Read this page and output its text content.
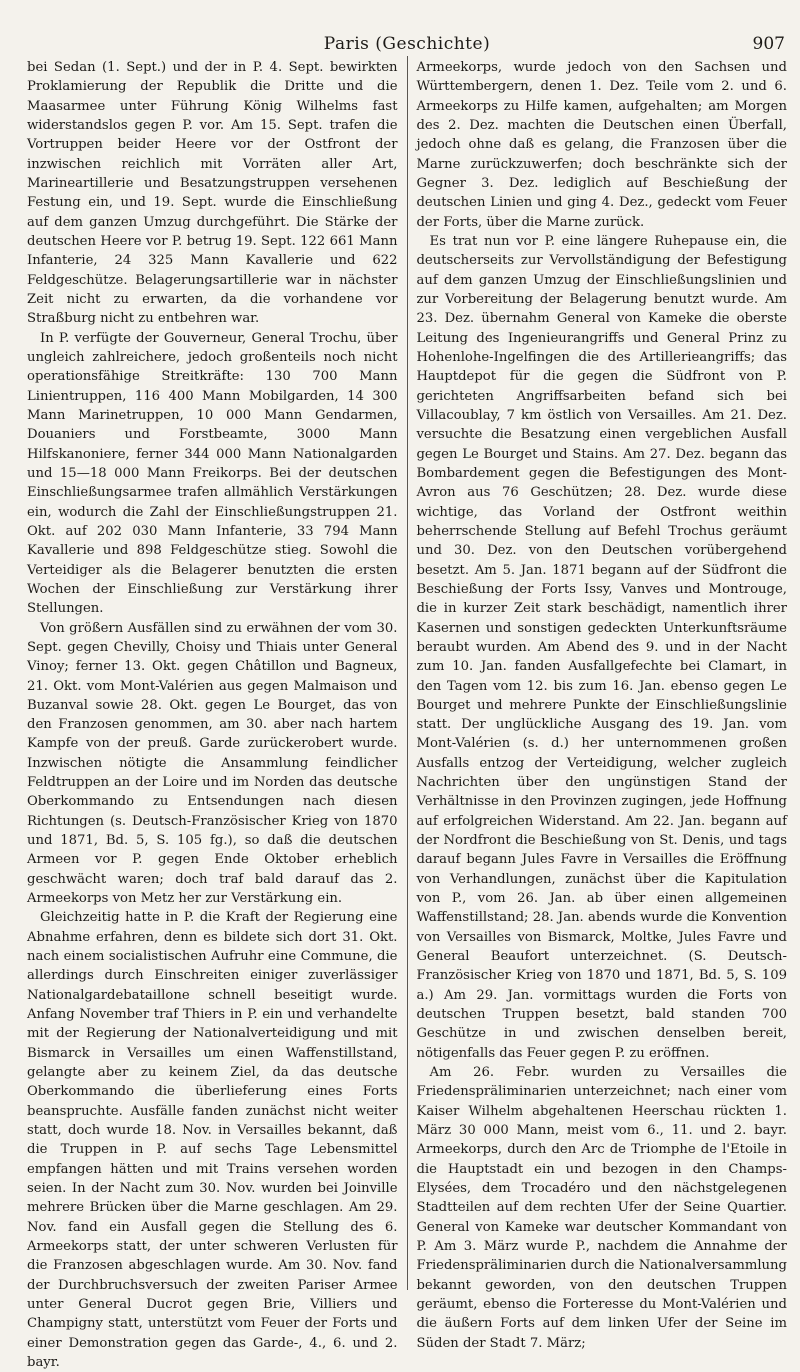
Paris (Geschichte)	907

bei Sedan (1. Sept.) und der in P. 4. Sept. bewirkten Proklamierung der Republik die Dritte und die Maasarmee unter Führung König Wilhelms fast widerstandslos gegen P. vor. Am 15. Sept. trafen die Vortruppen beider Heere vor der Ostfront der inzwischen reichlich mit Vorräten aller Art, Marineartillerie und Besatzungstruppen versehenen Festung ein, und 19. Sept. wurde die Einschließung auf dem ganzen Umzug durchgeführt. Die Stärke der deutschen Heere vor P. betrug 19. Sept. 122 661 Mann Infanterie, 24 325 Mann Kavallerie und 622 Feldgeschütze. Belagerungsartillerie war in nächster Zeit nicht zu erwarten, da die vorhandene vor Straßburg nicht zu entbehren war.

In P. verfügte der Gouverneur, General Trochu, über ungleich zahlreichere, jedoch großenteils noch nicht operationsfähige Streitkräfte: 130 700 Mann Linientruppen, 116 400 Mann Mobilgarden, 14 300 Mann Marinetruppen, 10 000 Mann Gendarmen, Douaniers und Forstbeamte, 3000 Mann Hilfskanoniere, ferner 344 000 Mann Nationalgarden und 15—18 000 Mann Freikorps. Bei der deutschen Einschließungsarmee trafen allmählich Verstärkungen ein, wodurch die Zahl der Einschließungstruppen 21. Okt. auf 202 030 Mann Infanterie, 33 794 Mann Kavallerie und 898 Feldgeschütze stieg. Sowohl die Verteidiger als die Belagerer benutzten die ersten Wochen der Einschließung zur Verstärkung ihrer Stellungen.

Von größern Ausfällen sind zu erwähnen der vom 30. Sept. gegen Chevilly, Choisy und Thiais unter General Vinoy; ferner 13. Okt. gegen Châtillon und Bagneux, 21. Okt. vom Mont-Valérien aus gegen Malmaison und Buzanval sowie 28. Okt. gegen Le Bourget, das von den Franzosen genommen, am 30. aber nach hartem Kampfe von der preuß. Garde zurückerobert wurde. Inzwischen nötigte die Ansammlung feindlicher Feldtruppen an der Loire und im Norden das deutsche Oberkommando zu Entsendungen nach diesen Richtungen (s. Deutsch-Französischer Krieg von 1870 und 1871, Bd. 5, S. 105 fg.), so daß die deutschen Armeen vor P. gegen Ende Oktober erheblich geschwächt waren; doch traf bald darauf das 2. Armeekorps von Metz her zur Verstärkung ein.

Gleichzeitig hatte in P. die Kraft der Regierung eine Abnahme erfahren, denn es bildete sich dort 31. Okt. nach einem socialistischen Aufruhr eine Commune, die allerdings durch Einschreiten einiger zuverlässiger Nationalgardebataillone schnell beseitigt wurde. Anfang November traf Thiers in P. ein und verhandelte mit der Regierung der Nationalverteidigung und mit Bismarck in Versailles um einen Waffenstillstand, gelangte aber zu keinem Ziel, da das deutsche Oberkommando die überlieferung eines Forts beanspruchte. Ausfälle fanden zunächst nicht weiter statt, doch wurde 18. Nov. in Versailles bekannt, daß die Truppen in P. auf sechs Tage Lebensmittel empfangen hätten und mit Trains versehen worden seien. In der Nacht zum 30. Nov. wurden bei Joinville mehrere Brücken über die Marne geschlagen. Am 29. Nov. fand ein Ausfall gegen die Stellung des 6. Armeekorps statt, der unter schweren Verlusten für die Franzosen abgeschlagen wurde. Am 30. Nov. fand der Durchbruchsversuch der zweiten Pariser Armee unter General Ducrot gegen Brie, Villiers und Champigny statt, unterstützt vom Feuer der Forts und einer Demonstration gegen das Garde-, 4., 6. und 2. bayr.

Armeekorps, wurde jedoch von den Sachsen und Württembergern, denen 1. Dez. Teile vom 2. und 6. Armeekorps zu Hilfe kamen, aufgehalten; am Morgen des 2. Dez. machten die Deutschen einen Überfall, jedoch ohne daß es gelang, die Franzosen über die Marne zurückzuwerfen; doch beschränkte sich der Gegner 3. Dez. lediglich auf Beschießung der deutschen Linien und ging 4. Dez., gedeckt vom Feuer der Forts, über die Marne zurück.

Es trat nun vor P. eine längere Ruhepause ein, die deutscherseits zur Vervollständigung der Befestigung auf dem ganzen Umzug der Einschließungslinien und zur Vorbereitung der Belagerung benutzt wurde. Am 23. Dez. übernahm General von Kameke die oberste Leitung des Ingenieurangriffs und General Prinz zu Hohenlohe-Ingelfingen die des Artillerieangriffs; das Hauptdepot für die gegen die Südfront von P. gerichteten Angriffsarbeiten befand sich bei Villacoublay, 7 km östlich von Versailles. Am 21. Dez. versuchte die Besatzung einen vergeblichen Ausfall gegen Le Bourget und Stains. Am 27. Dez. begann das Bombardement gegen die Befestigungen des Mont-Avron aus 76 Geschützen; 28. Dez. wurde diese wichtige, das Vorland der Ostfront weithin beherrschende Stellung auf Befehl Trochus geräumt und 30. Dez. von den Deutschen vorübergehend besetzt. Am 5. Jan. 1871 begann auf der Südfront die Beschießung der Forts Issy, Vanves und Montrouge, die in kurzer Zeit stark beschädigt, namentlich ihrer Kasernen und sonstigen gedeckten Unterkunftsräume beraubt wurden. Am Abend des 9. und in der Nacht zum 10. Jan. fanden Ausfallgefechte bei Clamart, in den Tagen vom 12. bis zum 16. Jan. ebenso gegen Le Bourget und mehrere Punkte der Einschließungslinie statt. Der unglückliche Ausgang des 19. Jan. vom Mont-Valérien (s. d.) her unternommenen großen Ausfalls entzog der Verteidigung, welcher zugleich Nachrichten über den ungünstigen Stand der Verhältnisse in den Provinzen zugingen, jede Hoffnung auf erfolgreichen Widerstand. Am 22. Jan. begann auf der Nordfront die Beschießung von St. Denis, und tags darauf begann Jules Favre in Versailles die Eröffnung von Verhandlungen, zunächst über die Kapitulation von P., vom 26. Jan. ab über einen allgemeinen Waffenstillstand; 28. Jan. abends wurde die Konvention von Versailles von Bismarck, Moltke, Jules Favre und General Beaufort unterzeichnet. (S. Deutsch-Französischer Krieg von 1870 und 1871, Bd. 5, S. 109 a.) Am 29. Jan. vormittags wurden die Forts von deutschen Truppen besetzt, bald standen 700 Geschütze in und zwischen denselben bereit, nötigenfalls das Feuer gegen P. zu eröffnen.

Am 26. Febr. wurden zu Versailles die Friedenspräliminarien unterzeichnet; nach einer vom Kaiser Wilhelm abgehaltenen Heerschau rückten 1. März 30 000 Mann, meist vom 6., 11. und 2. bayr. Armeekorps, durch den Arc de Triomphe de l'Etoile in die Hauptstadt ein und bezogen in den Champs-Elysées, dem Trocadéro und den nächstgelegenen Stadtteilen auf dem rechten Ufer der Seine Quartier. General von Kameke war deutscher Kommandant von P. Am 3. März wurde P., nachdem die Annahme der Friedenspräliminarien durch die Nationalversammlung bekannt geworden, von den deutschen Truppen geräumt, ebenso die Forteresse du Mont-Valérien und die äußern Forts auf dem linken Ufer der Seine im Süden der Stadt 7. März;
